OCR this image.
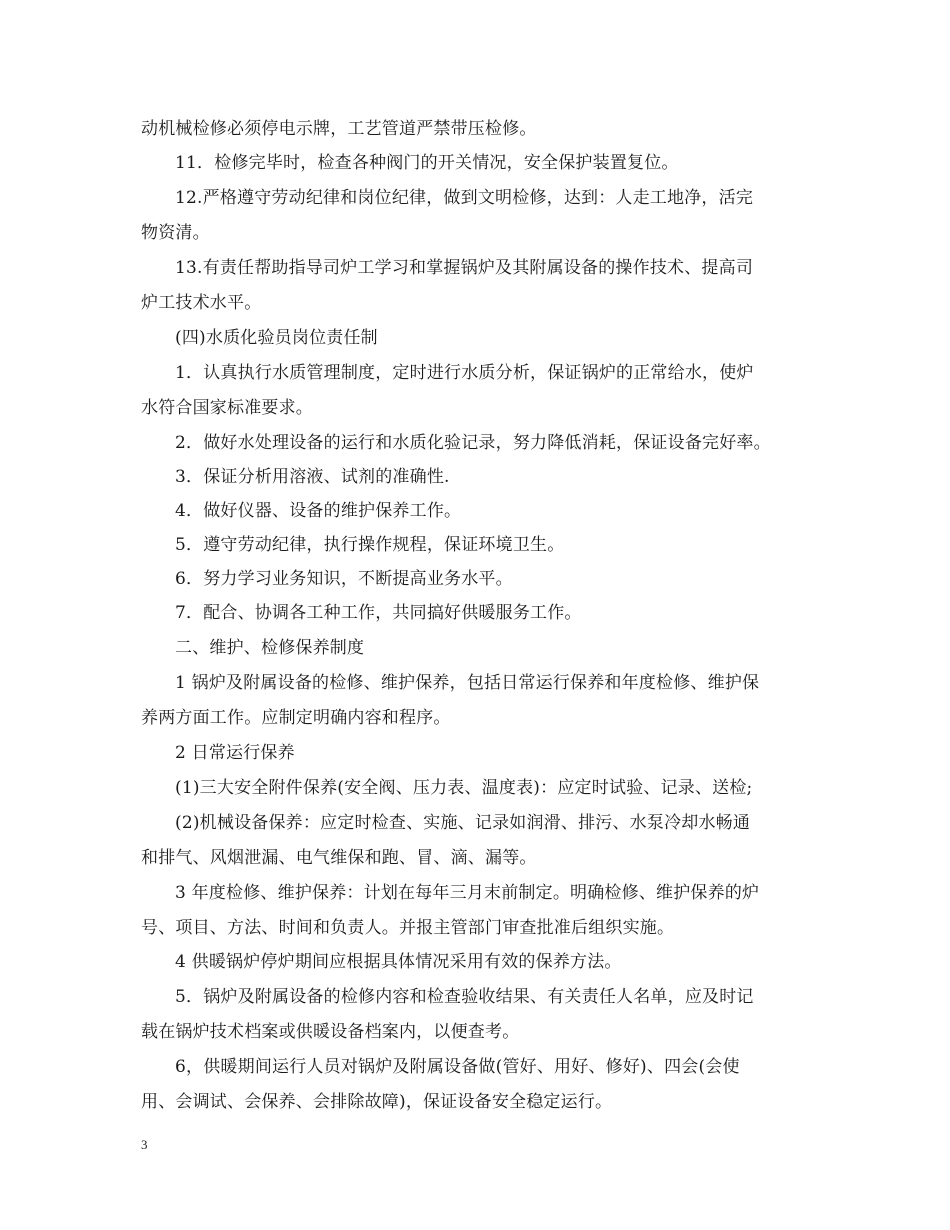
动机械检修必须停电示牌，工艺管道严禁带压检修。
11．检修完毕时，检查各种阀门的开关情况，安全保护装置复位。
12.严格遵守劳动纪律和岗位纪律，做到文明检修，达到：人走工地净，活完
物资清。
13.有责任帮助指导司炉工学习和掌握锅炉及其附属设备的操作技术、提高司
炉工技术水平。
(四)水质化验员岗位责任制
1．认真执行水质管理制度，定时进行水质分析，保证锅炉的正常给水，使炉
水符合国家标准要求。
2．做好水处理设备的运行和水质化验记录，努力降低消耗，保证设备完好率。
3．保证分析用溶液、试剂的准确性.
4．做好仪器、设备的维护保养工作。
5．遵守劳动纪律，执行操作规程，保证环境卫生。
6．努力学习业务知识，不断提高业务水平。
7．配合、协调各工种工作，共同搞好供暖服务工作。
二、维护、检修保养制度
1 锅炉及附属设备的检修、维护保养，包括日常运行保养和年度检修、维护保
养两方面工作。应制定明确内容和程序。
2 日常运行保养
(1)三大安全附件保养(安全阀、压力表、温度表)：应定时试验、记录、送检;
(2)机械设备保养：应定时检查、实施、记录如润滑、排污、水泵冷却水畅通
和排气、风烟泄漏、电气维保和跑、冒、滴、漏等。
3 年度检修、维护保养：计划在每年三月末前制定。明确检修、维护保养的炉
号、项目、方法、时间和负责人。并报主管部门审查批准后组织实施。
4 供暖锅炉停炉期间应根据具体情况采用有效的保养方法。
5．锅炉及附属设备的检修内容和检查验收结果、有关责任人名单，应及时记
载在锅炉技术档案或供暖设备档案内，以便查考。
6，供暖期间运行人员对锅炉及附属设备做(管好、用好、修好)、四会(会使
用、会调试、会保养、会排除故障)，保证设备安全稳定运行。
3
